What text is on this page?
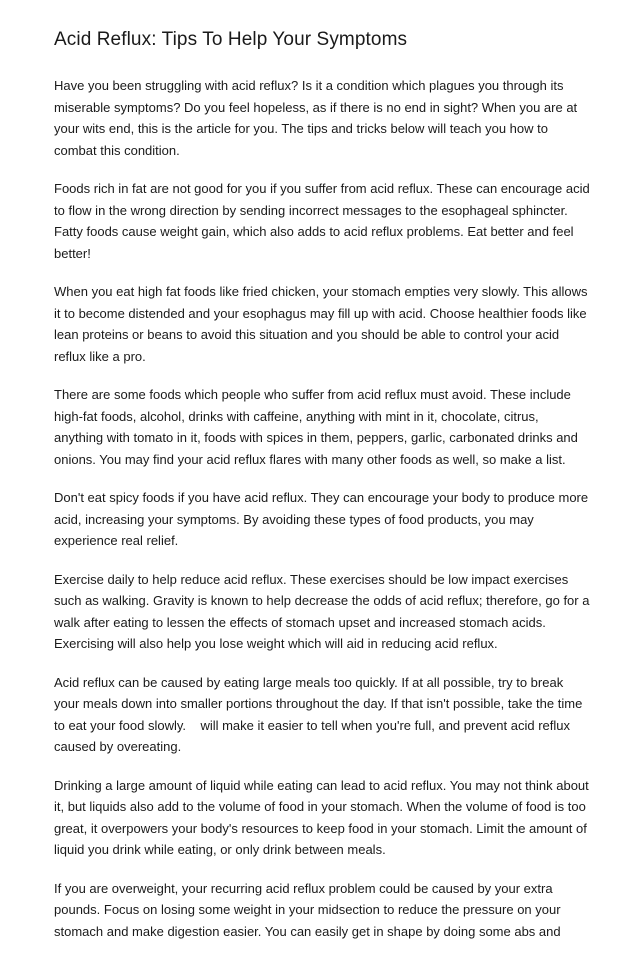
Acid Reflux: Tips To Help Your Symptoms

Have you been struggling with acid reflux? Is it a condition which plagues you through its miserable symptoms? Do you feel hopeless, as if there is no end in sight? When you are at your wits end, this is the article for you. The tips and tricks below will teach you how to combat this condition.

Foods rich in fat are not good for you if you suffer from acid reflux. These can encourage acid to flow in the wrong direction by sending incorrect messages to the esophageal sphincter. Fatty foods cause weight gain, which also adds to acid reflux problems. Eat better and feel better!

When you eat high fat foods like fried chicken, your stomach empties very slowly. This allows it to become distended and your esophagus may fill up with acid. Choose healthier foods like lean proteins or beans to avoid this situation and you should be able to control your acid reflux like a pro.

There are some foods which people who suffer from acid reflux must avoid. These include high-fat foods, alcohol, drinks with caffeine, anything with mint in it, chocolate, citrus, anything with tomato in it, foods with spices in them, peppers, garlic, carbonated drinks and onions. You may find your acid reflux flares with many other foods as well, so make a list.

Don't eat spicy foods if you have acid reflux. They can encourage your body to produce more acid, increasing your symptoms. By avoiding these types of food products, you may experience real relief.

Exercise daily to help reduce acid reflux. These exercises should be low impact exercises such as walking. Gravity is known to help decrease the odds of acid reflux; therefore, go for a walk after eating to lessen the effects of stomach upset and increased stomach acids. Exercising will also help you lose weight which will aid in reducing acid reflux.

Acid reflux can be caused by eating large meals too quickly. If at all possible, try to break your meals down into smaller portions throughout the day. If that isn't possible, take the time to eat your food slowly.    will make it easier to tell when you're full, and prevent acid reflux caused by overeating.

Drinking a large amount of liquid while eating can lead to acid reflux. You may not think about it, but liquids also add to the volume of food in your stomach. When the volume of food is too great, it overpowers your body's resources to keep food in your stomach. Limit the amount of liquid you drink while eating, or only drink between meals.

If you are overweight, your recurring acid reflux problem could be caused by your extra pounds. Focus on losing some weight in your midsection to reduce the pressure on your stomach and make digestion easier. You can easily get in shape by doing some abs and
